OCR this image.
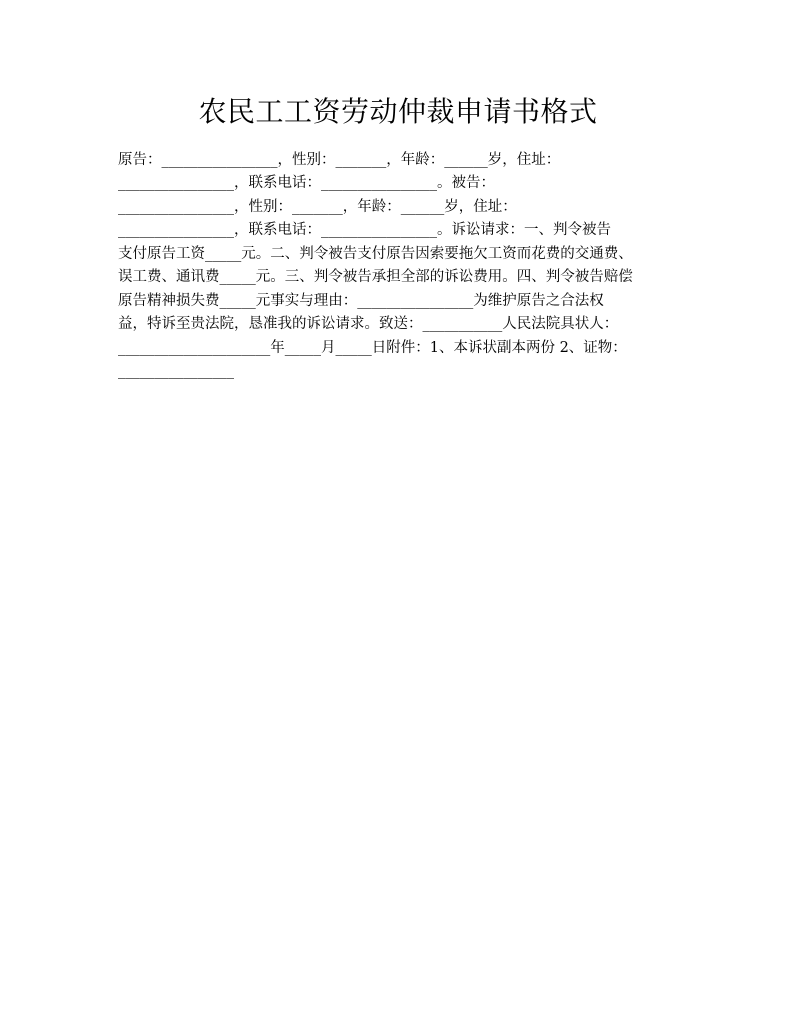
农民工工资劳动仲裁申请书格式
原告：________________，性别：_______，年龄：______岁，住址：
________________，联系电话：________________。被告：
________________，性别：_______，年龄：______岁，住址：
________________，联系电话：________________。诉讼请求：一、判令被告
支付原告工资_____元。二、判令被告支付原告因索要拖欠工资而花费的交通费、
误工费、通讯费_____元。三、判令被告承担全部的诉讼费用。四、判令被告赔偿
原告精神损失费_____元事实与理由：________________为维护原告之合法权
益，特诉至贵法院，恳准我的诉讼请求。致送：___________人民法院具状人：
_____________________年_____月_____日附件：1、本诉状副本两份 2、证物：
________________
